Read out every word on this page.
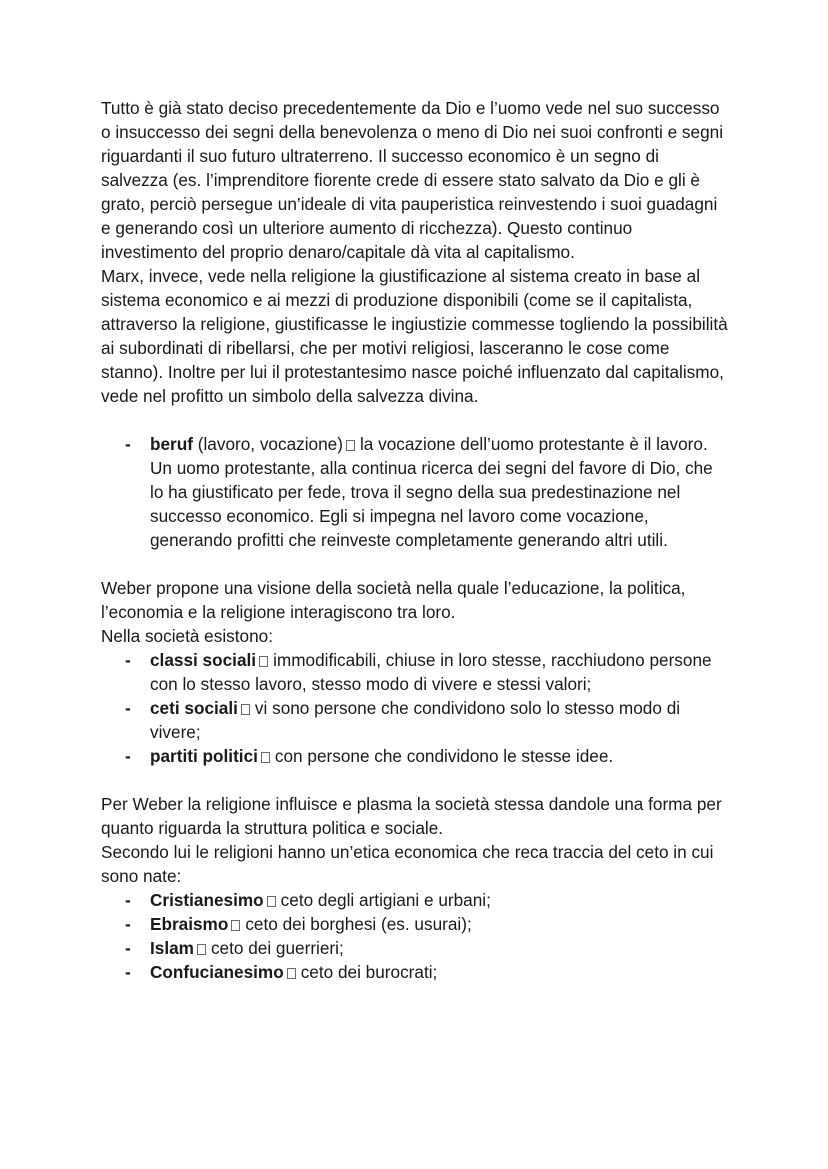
Tutto è già stato deciso precedentemente da Dio e l’uomo vede nel suo successo o insuccesso dei segni della benevolenza o meno di Dio nei suoi confronti e segni riguardanti il suo futuro ultraterreno. Il successo economico è un segno di salvezza (es. l’imprenditore fiorente crede di essere stato salvato da Dio e gli è grato, perciò persegue un’ideale di vita pauperistica reinvestendo i suoi guadagni e generando così un ulteriore aumento di ricchezza). Questo continuo investimento del proprio denaro/capitale dà vita al capitalismo.

Marx, invece, vede nella religione la giustificazione al sistema creato in base al sistema economico e ai mezzi di produzione disponibili (come se il capitalista, attraverso la religione, giustificasse le ingiustizie commesse togliendo la possibilità ai subordinati di ribellarsi, che per motivi religiosi, lasceranno le cose come stanno). Inoltre per lui il protestantesimo nasce poiché influenzato dal capitalismo, vede nel profitto un simbolo della salvezza divina.

- beruf (lavoro, vocazione) la vocazione dell’uomo protestante è il lavoro. Un uomo protestante, alla continua ricerca dei segni del favore di Dio, che lo ha giustificato per fede, trova il segno della sua predestinazione nel successo economico. Egli si impegna nel lavoro come vocazione, generando profitti che reinveste completamente generando altri utili.

Weber propone una visione della società nella quale l’educazione, la politica, l’economia e la religione interagiscono tra loro.

Nella società esistono:

- classi sociali immodificabili, chiuse in loro stesse, racchiudono persone con lo stesso lavoro, stesso modo di vivere e stessi valori;
- ceti sociali vi sono persone che condividono solo lo stesso modo di vivere;
- partiti politici con persone che condividono le stesse idee.

Per Weber la religione influisce e plasma la società stessa dandole una forma per quanto riguarda la struttura politica e sociale.

Secondo lui le religioni hanno un’etica economica che reca traccia del ceto in cui sono nate:

- Cristianesimo ceto degli artigiani e urbani;
- Ebraismo ceto dei borghesi (es. usurai);
- Islam ceto dei guerrieri;
- Confucianesimo ceto dei burocrati;
